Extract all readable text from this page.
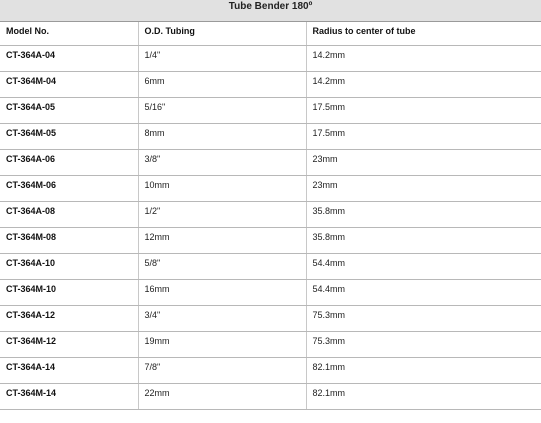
Tube Bender 180º		
Model No.	O.D. Tubing	Radius to center of tube
CT-364A-04	1/4"	14.2mm
CT-364M-04	6mm	14.2mm
CT-364A-05	5/16"	17.5mm
CT-364M-05	8mm	17.5mm
CT-364A-06	3/8"	23mm
CT-364M-06	10mm	23mm
CT-364A-08	1/2"	35.8mm
CT-364M-08	12mm	35.8mm
CT-364A-10	5/8"	54.4mm
CT-364M-10	16mm	54.4mm
CT-364A-12	3/4"	75.3mm
CT-364M-12	19mm	75.3mm
CT-364A-14	7/8"	82.1mm
CT-364M-14	22mm	82.1mm
